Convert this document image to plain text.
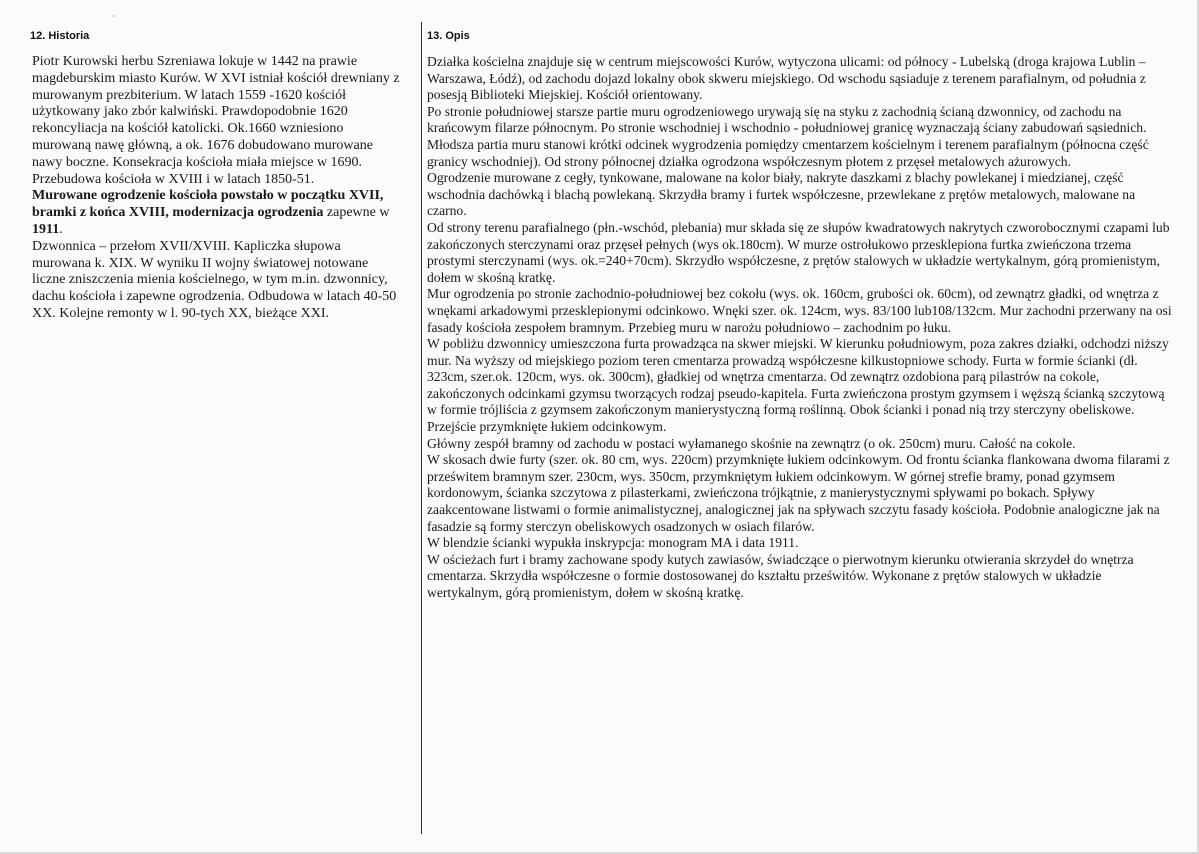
12. Historia

Piotr Kurowski herbu Szreniawa lokuje w 1442 na prawie magdeburskim miasto Kurów. W XVI istniał kościół drewniany z murowanym prezbiterium. W latach 1559 -1620 kościół użytkowany jako zbór kalwiński. Prawdopodobnie 1620 rekoncyliacja na kościół katolicki. Ok.1660 wzniesiono murowaną nawę główną, a ok. 1676 dobudowano murowane nawy boczne. Konsekracja kościoła miała miejsce w 1690. Przebudowa kościoła w XVIII i w latach 1850-51.

Murowane ogrodzenie kościoła powstało w początku XVII, bramki z końca XVIII, modernizacja ogrodzenia zapewne w 1911.

Dzwonnica – przełom XVII/XVIII. Kapliczka słupowa murowana k. XIX. W wyniku II wojny światowej notowane liczne zniszczenia mienia kościelnego, w tym m.in. dzwonnicy, dachu kościoła i zapewne ogrodzenia. Odbudowa w latach 40-50 XX. Kolejne remonty w l. 90-tych XX, bieżące XXI.

13. Opis

Działka kościelna znajduje się w centrum miejscowości Kurów, wytyczona ulicami: od północy - Lubelską (droga krajowa Lublin – Warszawa, Łódź), od zachodu dojazd lokalny obok skweru miejskiego. Od wschodu sąsiaduje z terenem parafialnym, od południa z posesją Biblioteki Miejskiej. Kościół orientowany.

Po stronie południowej starsze partie muru ogrodzeniowego urywają się na styku z zachodnią ścianą dzwonnicy, od zachodu na krańcowym filarze północnym. Po stronie wschodniej i wschodnio - południowej granicę wyznaczają ściany zabudowań sąsiednich. Młodsza partia muru stanowi krótki odcinek wygrodzenia pomiędzy cmentarzem kościelnym i terenem parafialnym (północna część granicy wschodniej). Od strony północnej działka ogrodzona współczesnym płotem z przęseł metalowych ażurowych.

Ogrodzenie murowane z cegły, tynkowane, malowane na kolor biały, nakryte daszkami z blachy powlekanej i miedzianej, część wschodnia dachówką i blachą powlekaną. Skrzydła bramy i furtek współczesne, przewlekane z prętów metalowych, malowane na czarno.

Od strony terenu parafialnego (płn.-wschód, plebania) mur składa się ze słupów kwadratowych nakrytych czworobocznymi czapami lub zakończonych sterczynami oraz przęseł pełnych (wys ok.180cm). W murze ostrołukowo przesklepiona furtka zwieńczona trzema prostymi sterczynami (wys. ok.=240+70cm). Skrzydło współczesne, z prętów stalowych w układzie wertykalnym, górą promienistym, dołem w skośną kratkę.

Mur ogrodzenia po stronie zachodnio-południowej bez cokołu (wys. ok. 160cm, grubości ok. 60cm), od zewnątrz gładki, od wnętrza z wnękami arkadowymi przesklepionymi odcinkowo. Wnęki szer. ok. 124cm, wys. 83/100 lub108/132cm. Mur zachodni przerwany na osi fasady kościoła zespołem bramnym. Przebieg muru w narożu południowo – zachodnim po łuku.

W pobliżu dzwonnicy umieszczona furta prowadząca na skwer miejski. W kierunku południowym, poza zakres działki, odchodzi niższy mur. Na wyższy od miejskiego poziom teren cmentarza prowadzą współczesne kilkustopniowe schody. Furta w formie ścianki (dł. 323cm, szer.ok. 120cm, wys. ok. 300cm), gładkiej od wnętrza cmentarza. Od zewnątrz ozdobiona parą pilastrów na cokole, zakończonych odcinkami gzymsu tworzących rodzaj pseudo-kapitela. Furta zwieńczona prostym gzymsem i węższą ścianką szczytową w formie trójliścia z gzymsem zakończonym manierystyczną formą roślinną. Obok ścianki i ponad nią trzy sterczyny obeliskowe. Przejście przymknięte łukiem odcinkowym.

Główny zespół bramny od zachodu w postaci wyłamanego skośnie na zewnątrz (o ok. 250cm) muru. Całość na cokole.

W skosach dwie furty (szer. ok. 80 cm, wys. 220cm) przymknięte łukiem odcinkowym. Od frontu ścianka flankowana dwoma filarami z prześwitem bramnym szer. 230cm, wys. 350cm, przymkniętym łukiem odcinkowym. W górnej strefie bramy, ponad gzymsem kordonowym, ścianka szczytowa z pilasterkami, zwieńczona trójkątnie, z manierystycznymi spływami po bokach. Spływy zaakcentowane listwami o formie animalistycznej, analogicznej jak na spływach szczytu fasady kościoła. Podobnie analogiczne jak na fasadzie są formy sterczyn obeliskowych osadzonych w osiach filarów.

W blendzie ścianki wypukła inskrypcja: monogram MA i data 1911.

W ościeżach furt i bramy zachowane spody kutych zawiasów, świadczące o pierwotnym kierunku otwierania skrzydeł do wnętrza cmentarza. Skrzydła współczesne o formie dostosowanej do kształtu prześwitów. Wykonane z prętów stalowych w układzie wertykalnym, górą promienistym, dołem w skośną kratkę.
